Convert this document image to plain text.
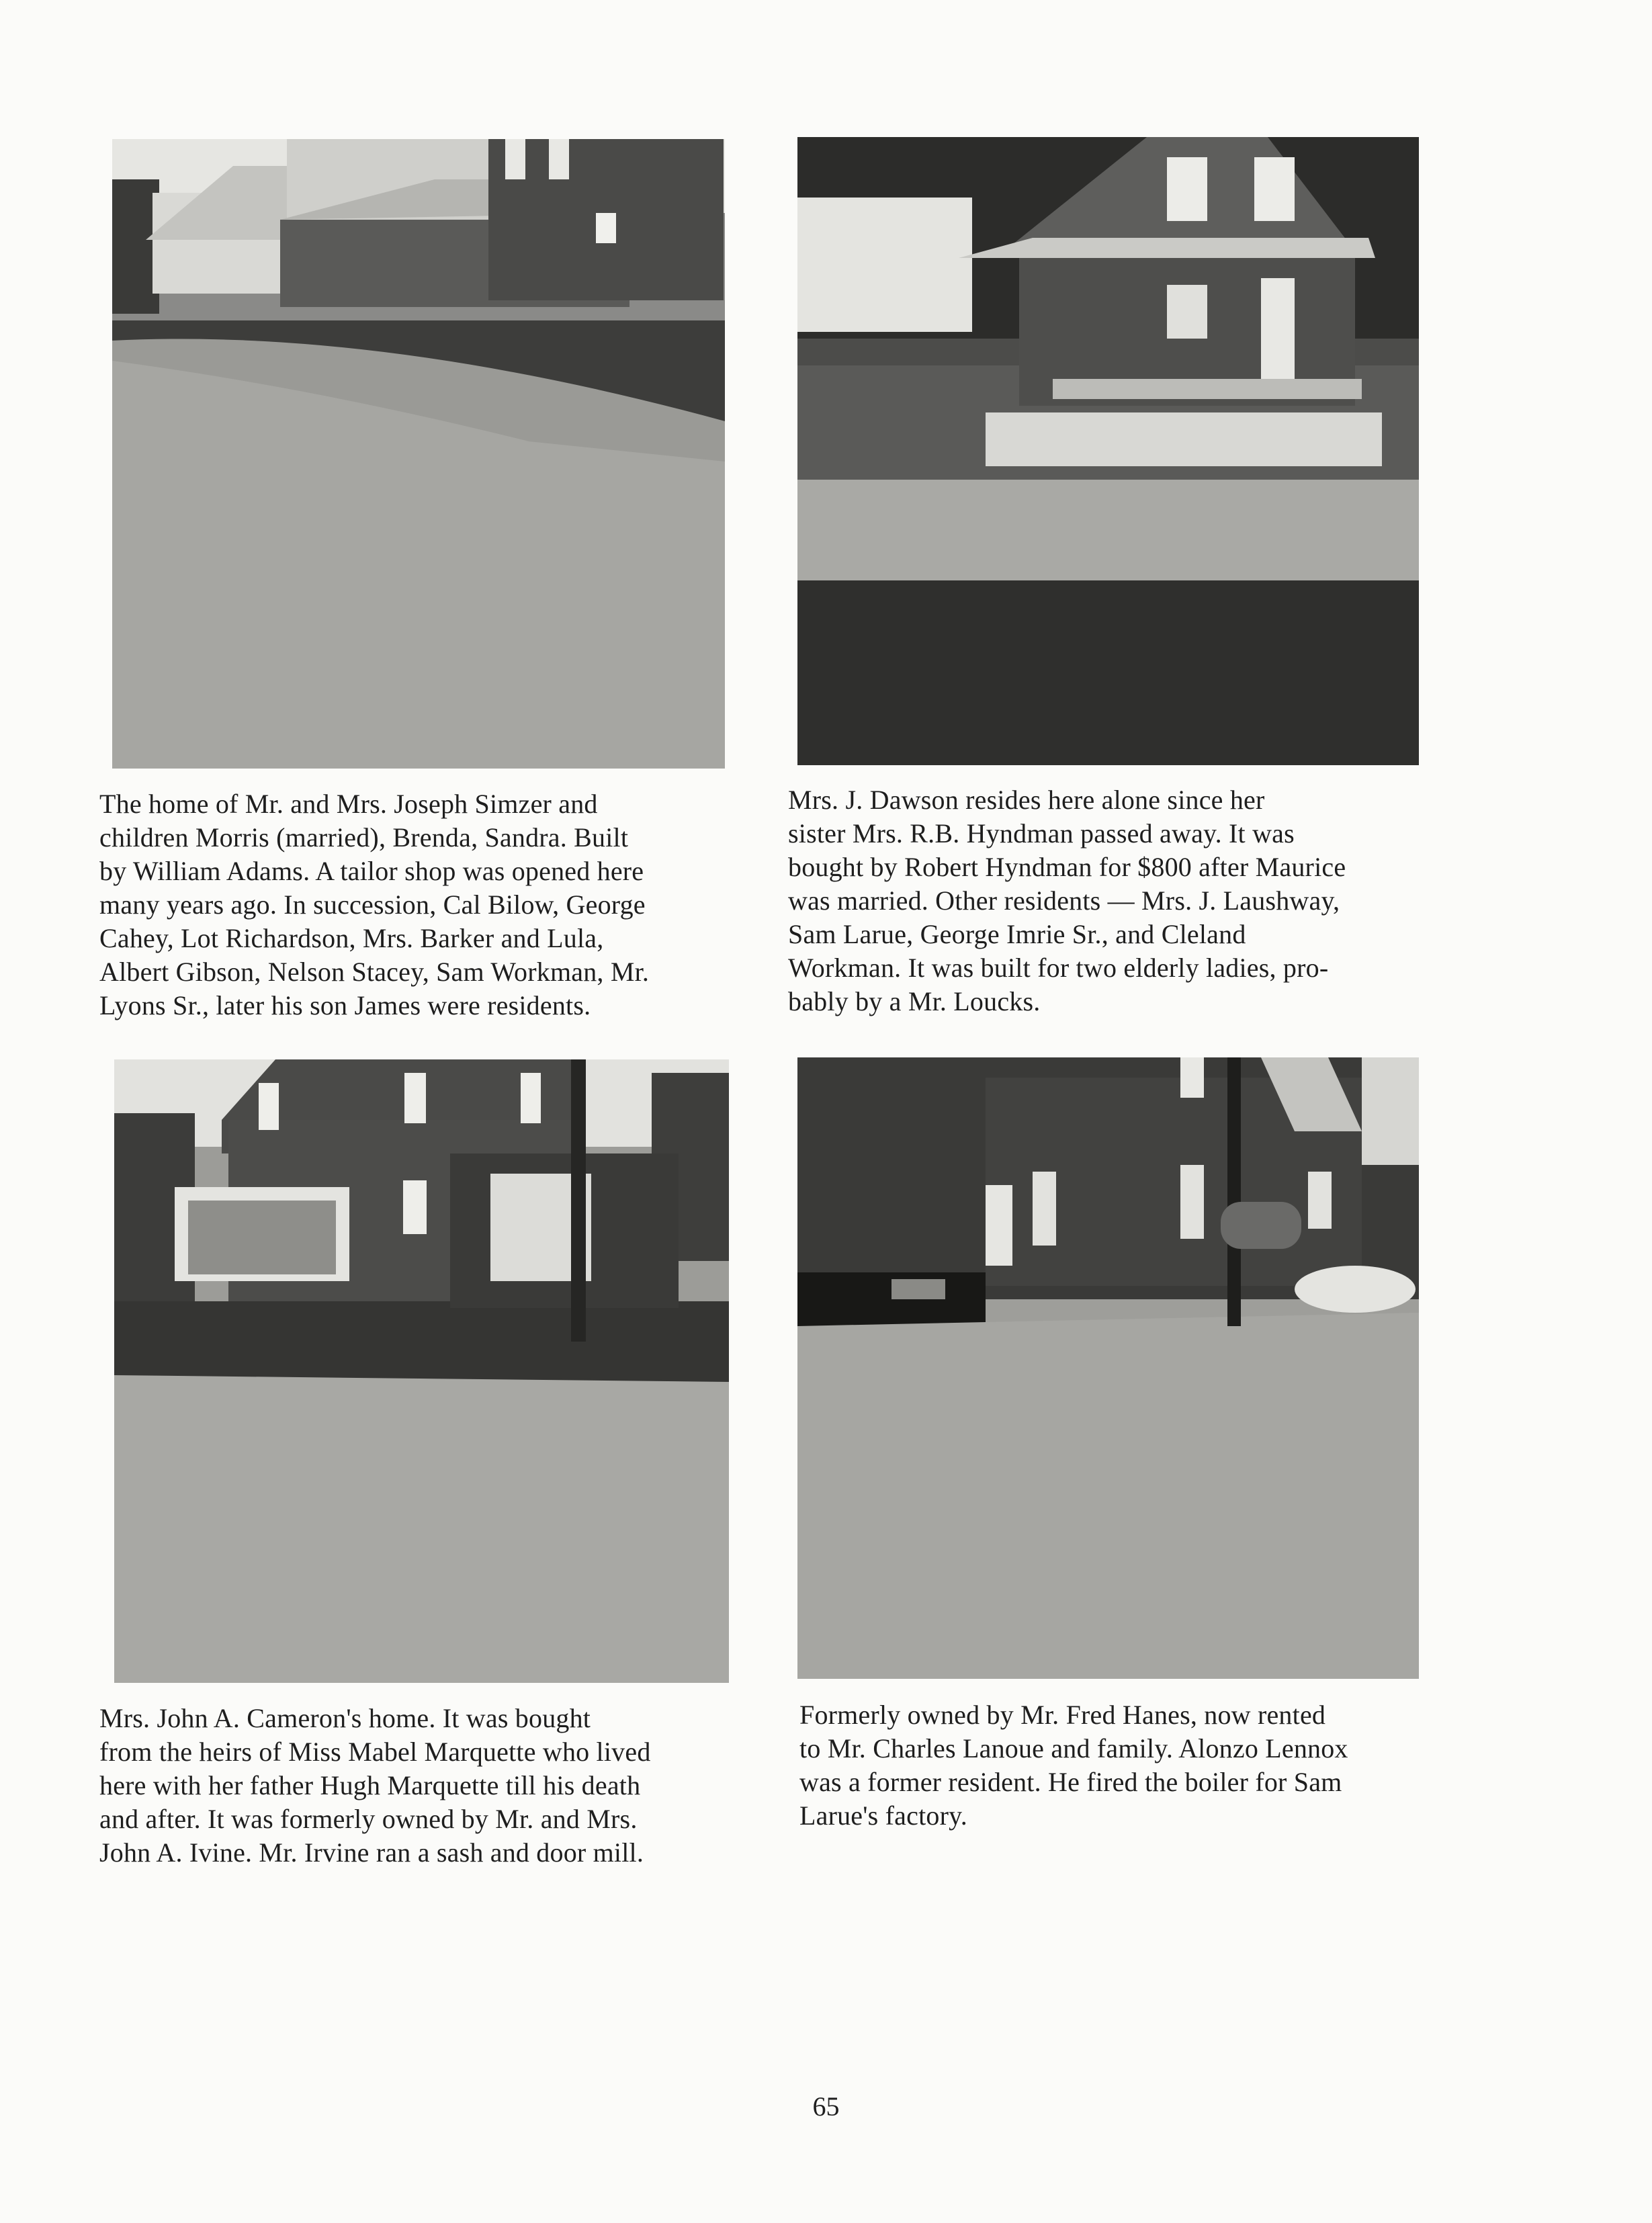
The home of Mr. and Mrs. Joseph Simzer and
children Morris (married), Brenda, Sandra. Built
by William Adams. A tailor shop was opened here
many years ago. In succession, Cal Bilow, George
Cahey, Lot Richardson, Mrs. Barker and Lula,
Albert Gibson, Nelson Stacey, Sam Workman, Mr.
Lyons Sr., later his son James were residents.
Mrs. J. Dawson resides here alone since her
sister Mrs. R.B. Hyndman passed away. It was
bought by Robert Hyndman for $800 after Maurice
was married. Other residents — Mrs. J. Laushway,
Sam Larue, George Imrie Sr., and Cleland
Workman. It was built for two elderly ladies, pro-
bably by a Mr. Loucks.
Mrs. John A. Cameron's home. It was bought
from the heirs of Miss Mabel Marquette who lived
here with her father Hugh Marquette till his death
and after. It was formerly owned by Mr. and Mrs.
John A. Ivine. Mr. Irvine ran a sash and door mill.
Formerly owned by Mr. Fred Hanes, now rented
to Mr. Charles Lanoue and family. Alonzo Lennox
was a former resident. He fired the boiler for Sam
Larue's factory.
65
